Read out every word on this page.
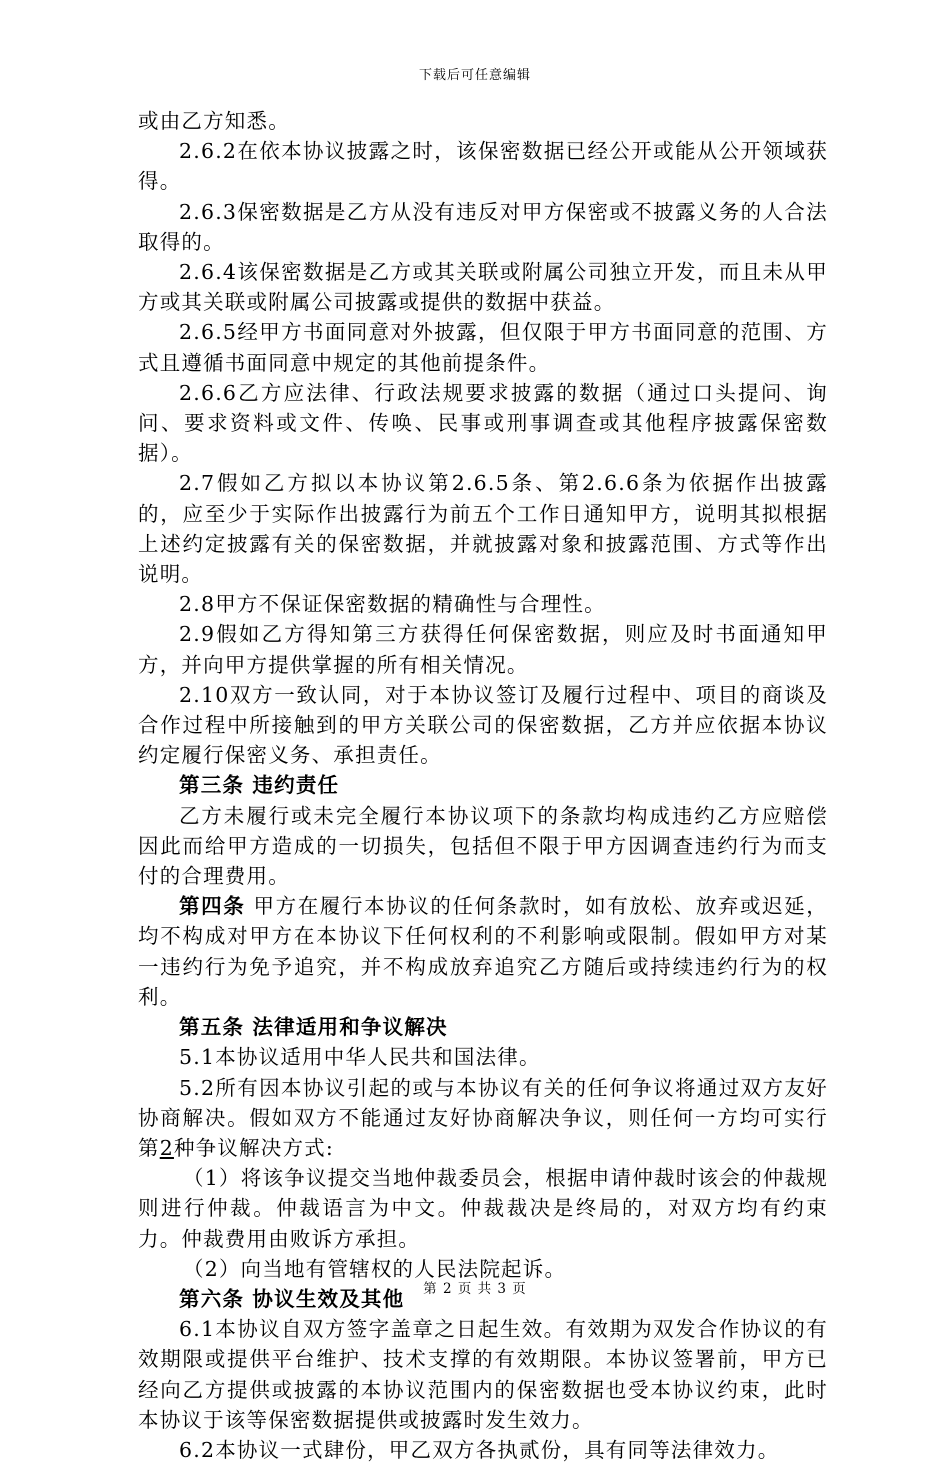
下载后可任意编辑

或由乙方知悉。

2.6.2在依本协议披露之时，该保密数据已经公开或能从公开领域获得。

2.6.3保密数据是乙方从没有违反对甲方保密或不披露义务的人合法取得的。

2.6.4该保密数据是乙方或其关联或附属公司独立开发，而且未从甲方或其关联或附属公司披露或提供的数据中获益。

2.6.5经甲方书面同意对外披露，但仅限于甲方书面同意的范围、方式且遵循书面同意中规定的其他前提条件。

2.6.6乙方应法律、行政法规要求披露的数据（通过口头提问、询问、要求资料或文件、传唤、民事或刑事调查或其他程序披露保密数据）。

2.7假如乙方拟以本协议第2.6.5条、第2.6.6条为依据作出披露的，应至少于实际作出披露行为前五个工作日通知甲方，说明其拟根据上述约定披露有关的保密数据，并就披露对象和披露范围、方式等作出说明。

2.8甲方不保证保密数据的精确性与合理性。

2.9假如乙方得知第三方获得任何保密数据，则应及时书面通知甲方，并向甲方提供掌握的所有相关情况。

2.10双方一致认同，对于本协议签订及履行过程中、项目的商谈及合作过程中所接触到的甲方关联公司的保密数据，乙方并应依据本协议约定履行保密义务、承担责任。

第三条 违约责任

乙方未履行或未完全履行本协议项下的条款均构成违约乙方应赔偿因此而给甲方造成的一切损失，包括但不限于甲方因调查违约行为而支付的合理费用。

第四条 甲方在履行本协议的任何条款时，如有放松、放弃或迟延，均不构成对甲方在本协议下任何权利的不利影响或限制。假如甲方对某一违约行为免予追究，并不构成放弃追究乙方随后或持续违约行为的权利。

第五条 法律适用和争议解决

5.1本协议适用中华人民共和国法律。

5.2所有因本协议引起的或与本协议有关的任何争议将通过双方友好协商解决。假如双方不能通过友好协商解决争议，则任何一方均可实行第2种争议解决方式:

（1）将该争议提交当地仲裁委员会，根据申请仲裁时该会的仲裁规则进行仲裁。仲裁语言为中文。仲裁裁决是终局的，对双方均有约束力。仲裁费用由败诉方承担。

（2）向当地有管辖权的人民法院起诉。

第六条 协议生效及其他

6.1本协议自双方签字盖章之日起生效。有效期为双发合作协议的有效期限或提供平台维护、技术支撑的有效期限。本协议签署前，甲方已经向乙方提供或披露的本协议范围内的保密数据也受本协议约束，此时本协议于该等保密数据提供或披露时发生效力。

6.2本协议一式肆份，甲乙双方各执贰份，具有同等法律效力。

第 2 页 共 3 页
